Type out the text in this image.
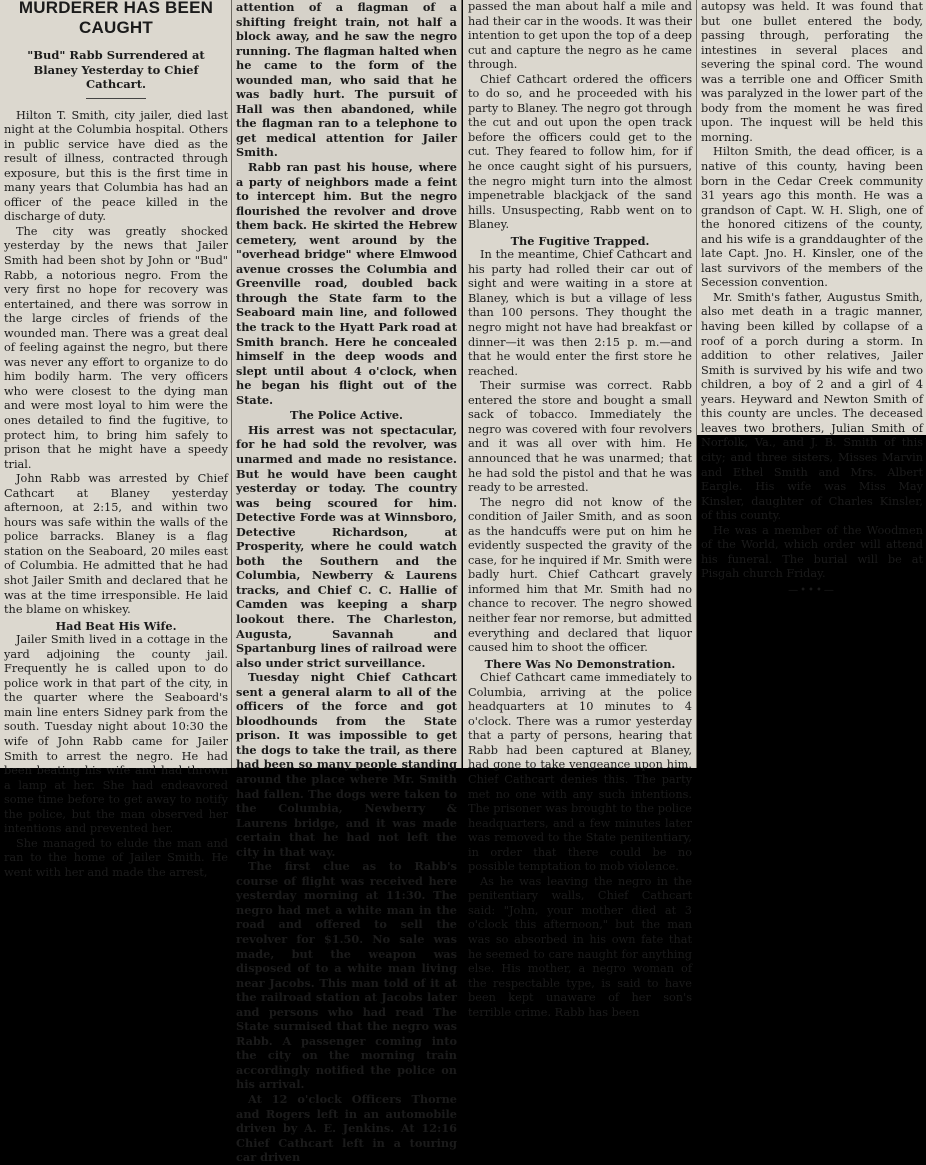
MURDERER HAS BEEN CAUGHT
"Bud" Rabb Surrendered at Blaney Yesterday to Chief Cathcart.

Hilton T. Smith, city jailer, died last night at the Columbia hospital. Others in public service have died as the result of illness, contracted through exposure, but this is the first time in many years that Columbia has had an officer of the peace killed in the discharge of duty.

The city was greatly shocked yesterday by the news that Jailer Smith had been shot by John or "Bud" Rabb, a notorious negro. From the very first no hope for recovery was entertained, and there was sorrow in the large circles of friends of the wounded man. There was a great deal of feeling against the negro, but there was never any effort to organize to do him bodily harm. The very officers who were closest to the dying man and were most loyal to him were the ones detailed to find the fugitive, to protect him, to bring him safely to prison that he might have a speedy trial.

John Rabb was arrested by Chief Cathcart at Blaney yesterday afternoon, at 2:15, and within two hours was safe within the walls of the police barracks. Blaney is a flag station on the Seaboard, 20 miles east of Columbia. He admitted that he had shot Jailer Smith and declared that he was at the time irresponsible. He laid the blame on whiskey.

Had Beat His Wife.

Jailer Smith lived in a cottage in the yard adjoining the county jail. Frequently he is called upon to do police work in that part of the city, in the quarter where the Seaboard's main line enters Sidney park from the south. Tuesday night about 10:30 the wife of John Rabb came for Jailer Smith to arrest the negro. He had been beating his wife and had thrown a lamp at her. She had endeavored some time before to get away to notify the police, but the man observed her intentions and prevented her.

She managed to elude the man and ran to the home of Jailer Smith. He went with her and made the arrest,

attention of a flagman of a shifting freight train, not half a block away, and he saw the negro running. The flagman halted when he came to the form of the wounded man, who said that he was badly hurt. The pursuit of Hall was then abandoned, while the flagman ran to a telephone to get medical attention for Jailer Smith.

Rabb ran past his house, where a party of neighbors made a feint to intercept him. But the negro flourished the revolver and drove them back. He skirted the Hebrew cemetery, went around by the "overhead bridge" where Elmwood avenue crosses the Columbia and Greenville road, doubled back through the State farm to the Seaboard main line, and followed the track to the Hyatt Park road at Smith branch. Here he concealed himself in the deep woods and slept until about 4 o'clock, when he began his flight out of the State.

The Police Active.

His arrest was not spectacular, for he had sold the revolver, was unarmed and made no resistance. But he would have been caught yesterday or today. The country was being scoured for him. Detective Forde was at Winnsboro, Detective Richardson, at Prosperity, where he could watch both the Southern and the Columbia, Newberry & Laurens tracks, and Chief C. C. Hallie of Camden was keeping a sharp lookout there. The Charleston, Augusta, Savannah and Spartanburg lines of railroad were also under strict surveillance.

Tuesday night Chief Cathcart sent a general alarm to all of the officers of the force and got bloodhounds from the State prison. It was impossible to get the dogs to take the trail, as there had been so many people standing around the place where Mr. Smith had fallen. The dogs were taken to the Columbia, Newberry & Laurens bridge, and it was made certain that he had not left the city in that way.

The first clue as to Rabb's course of flight was received here yesterday morning at 11:30. The negro had met a white man in the road and offered to sell the revolver for $1.50. No sale was made, but the weapon was disposed of to a white man living near Jacobs. This man told of it at the railroad station at Jacobs later and persons who had read The State surmised that the negro was Rabb. A passenger coming into the city on the morning train accordingly notified the police on his arrival.

At 12 o'clock Officers Thorne and Rogers left in an automobile driven by A. E. Jenkins. At 12:16 Chief Cathcart left in a touring car driven

passed the man about half a mile and had their car in the woods. It was their intention to get upon the top of a deep cut and capture the negro as he came through.

Chief Cathcart ordered the officers to do so, and he proceeded with his party to Blaney. The negro got through the cut and out upon the open track before the officers could get to the cut. They feared to follow him, for if he once caught sight of his pursuers, the negro might turn into the almost impenetrable blackjack of the sand hills. Unsuspecting, Rabb went on to Blaney.

The Fugitive Trapped.

In the meantime, Chief Cathcart and his party had rolled their car out of sight and were waiting in a store at Blaney, which is but a village of less than 100 persons. They thought the negro might not have had breakfast or dinner—it was then 2:15 p. m.—and that he would enter the first store he reached.

Their surmise was correct. Rabb entered the store and bought a small sack of tobacco. Immediately the negro was covered with four revolvers and it was all over with him. He announced that he was unarmed; that he had sold the pistol and that he was ready to be arrested.

The negro did not know of the condition of Jailer Smith, and as soon as the handcuffs were put on him he evidently suspected the gravity of the case, for he inquired if Mr. Smith were badly hurt. Chief Cathcart gravely informed him that Mr. Smith had no chance to recover. The negro showed neither fear nor remorse, but admitted everything and declared that liquor caused him to shoot the officer.

There Was No Demonstration.

Chief Cathcart came immediately to Columbia, arriving at the police headquarters at 10 minutes to 4 o'clock. There was a rumor yesterday that a party of persons, hearing that Rabb had been captured at Blaney, had gone to take vengeance upon him. Chief Cathcart denies this. The party met no one with any such intentions. The prisoner was brought to the police headquarters, and a few minutes later was removed to the State penitentiary, in order that there could be no possible temptation to mob violence.

As he was leaving the negro in the penitentiary walls, Chief Cathcart said: "John, your mother died at 3 o'clock this afternoon," but the man was so absorbed in his own fate that he seemed to care naught for anything else. His mother, a negro woman of the respectable type, is said to have been kept unaware of her son's terrible crime. Rabb has been

autopsy was held. It was found that but one bullet entered the body, passing through, perforating the intestines in several places and severing the spinal cord. The wound was a terrible one and Officer Smith was paralyzed in the lower part of the body from the moment he was fired upon. The inquest will be held this morning.

Hilton Smith, the dead officer, is a native of this county, having been born in the Cedar Creek community 31 years ago this month. He was a grandson of Capt. W. H. Sligh, one of the honored citizens of the county, and his wife is a granddaughter of the late Capt. Jno. H. Kinsler, one of the last survivors of the members of the Secession convention.

Mr. Smith's father, Augustus Smith, also met death in a tragic manner, having been killed by collapse of a roof of a porch during a storm. In addition to other relatives, Jailer Smith is survived by his wife and two children, a boy of 2 and a girl of 4 years. Heyward and Newton Smith of this county are uncles. The deceased leaves two brothers, Julian Smith of Norfolk, Va., and J. B. Smith of this city; and three sisters, Misses Marvin and Ethel Smith and Mrs. Albert Eargle. His wife was Miss May Kinsler, daughter of Charles Kinsler, of this county.

He was a member of the Woodmen of the World, which order will attend his funeral. The burial will be at Pisgah church Friday.

—•••—
